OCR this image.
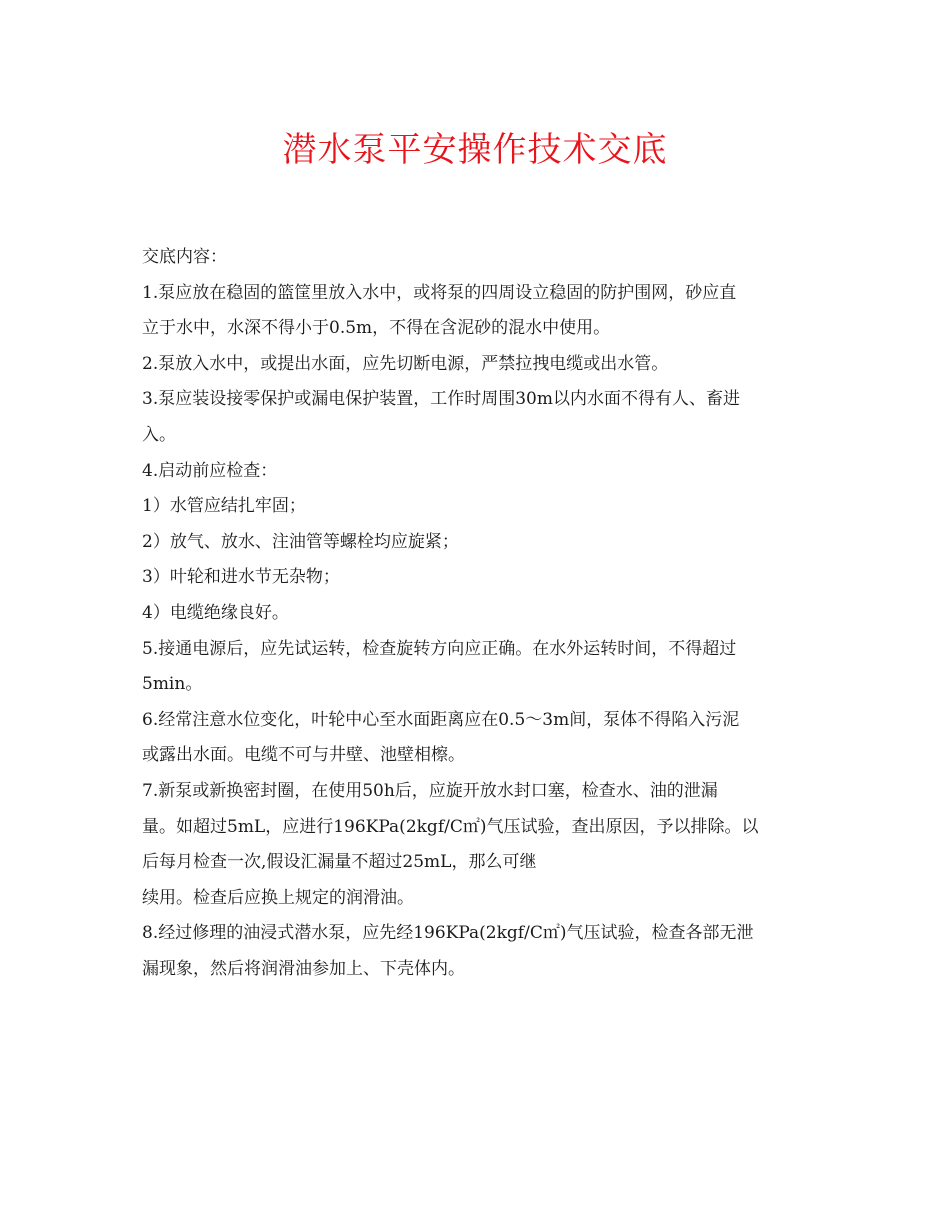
潜水泵平安操作技术交底
交底内容：
1.泵应放在稳固的篮筐里放入水中，或将泵的四周设立稳固的防护围网，砂应直
立于水中，水深不得小于0.5m，不得在含泥砂的混水中使用。
2.泵放入水中，或提出水面，应先切断电源，严禁拉拽电缆或出水管。
3.泵应装设接零保护或漏电保护装置，工作时周围30m以内水面不得有人、畜进
入。
4.启动前应检查：
1）水管应结扎牢固；
2）放气、放水、注油管等螺栓均应旋紧；
3）叶轮和进水节无杂物；
4）电缆绝缘良好。
5.接通电源后，应先试运转，检查旋转方向应正确。在水外运转时间，不得超过
5min。
6.经常注意水位变化，叶轮中心至水面距离应在0.5～3m间，泵体不得陷入污泥
或露出水面。电缆不可与井壁、池壁相檫。
7.新泵或新换密封圈，在使用50h后，应旋开放水封口塞，检查水、油的泄漏
量。如超过5mL，应进行196KPa(2kgf/C㎡)气压试验，查出原因，予以排除。以
后每月检查一次,假设汇漏量不超过25mL，那么可继
续用。检查后应换上规定的润滑油。
8.经过修理的油浸式潜水泵，应先经196KPa(2kgf/C㎡)气压试验，检查各部无泄
漏现象，然后将润滑油参加上、下壳体内。
